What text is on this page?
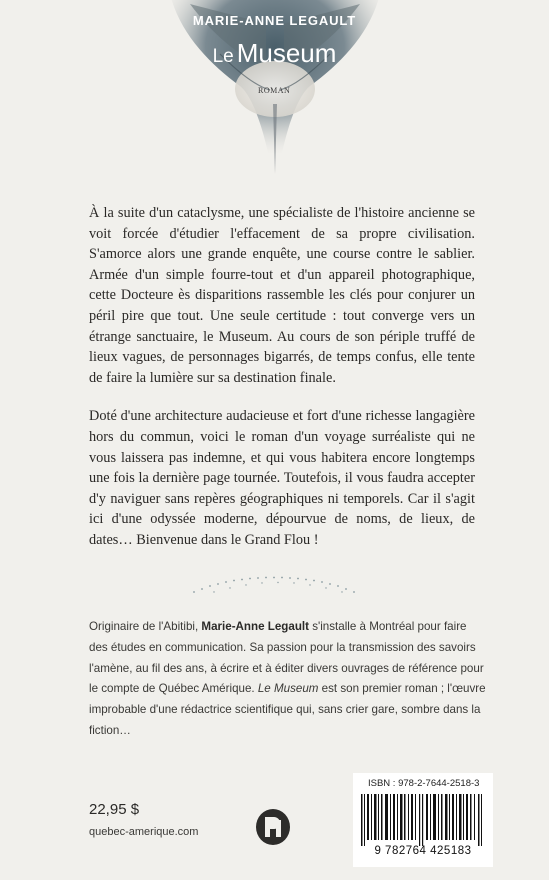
MARIE-ANNE LEGAULT
Le Museum
ROMAN

À la suite d'un cataclysme, une spécialiste de l'histoire ancienne se voit forcée d'étudier l'effacement de sa propre civilisation. S'amorce alors une grande enquête, une course contre le sablier. Armée d'un simple fourre-tout et d'un appareil photographique, cette Docteure ès disparitions rassemble les clés pour conjurer un péril pire que tout. Une seule certitude : tout converge vers un étrange sanctuaire, le Museum. Au cours de son périple truffé de lieux vagues, de personnages bigarrés, de temps confus, elle tente de faire la lumière sur sa destination finale.

Doté d'une architecture audacieuse et fort d'une richesse langagière hors du commun, voici le roman d'un voyage surréaliste qui ne vous laissera pas indemne, et qui vous habitera encore longtemps une fois la dernière page tournée. Toutefois, il vous faudra accepter d'y naviguer sans repères géographiques ni temporels. Car il s'agit ici d'une odyssée moderne, dépourvue de noms, de lieux, de dates… Bienvenue dans le Grand Flou !

Originaire de l'Abitibi, Marie-Anne Legault s'installe à Montréal pour faire des études en communication. Sa passion pour la transmission des savoirs l'amène, au fil des ans, à écrire et à éditer divers ouvrages de référence pour le compte de Québec Amérique. Le Museum est son premier roman ; l'œuvre improbable d'une rédactrice scientifique qui, sans crier gare, sombre dans la fiction…

22,95 $
quebec-amerique.com
ISBN : 978-2-7644-2518-3
9 782764 425183
